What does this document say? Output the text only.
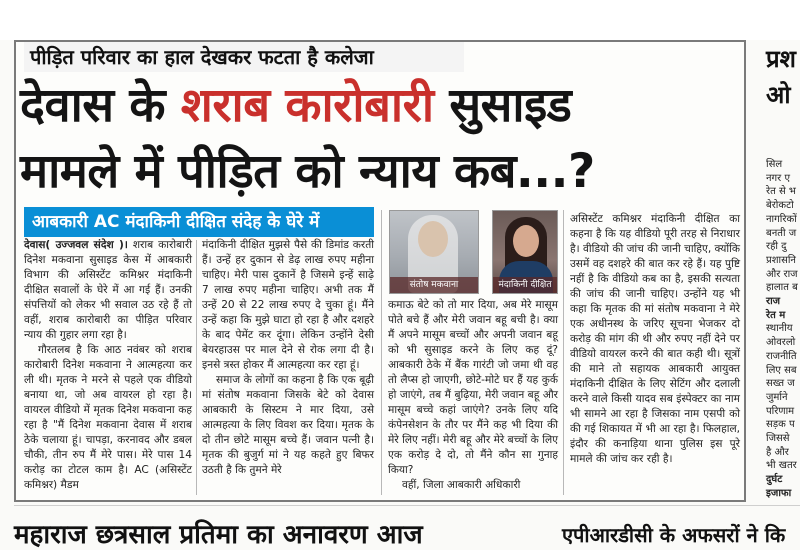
पीड़ित परिवार का हाल देखकर फटता है कलेजा
देवास के शराब कारोबारी सुसाइड
मामले में पीड़ित को न्याय कब...?
आबकारी AC मंदाकिनी दीक्षित संदेह के घेरे में

देवास( उज्जवल संदेश )। शराब कारोबारी दिनेश मकवाना सुसाइड केस में आबकारी विभाग की असिस्टेंट कमिश्नर मंदाकिनी दीक्षित सवालों के घेरे में आ गई हैं। उनकी संपत्तियों को लेकर भी सवाल उठ रहे हैं तो वहीं, शराब कारोबारी का पीड़ित परिवार न्याय की गुहार लगा रहा है।

गौरतलब है कि आठ नवंबर को शराब कारोबारी दिनेश मकवाना ने आत्महत्या कर ली थी। मृतक ने मरने से पहले एक वीडियो बनाया था, जो अब वायरल हो रहा है। वायरल वीडियो में मृतक दिनेश मकवाना कह रहा है "मैं दिनेश मकवाना देवास में शराब ठेके चलाया हूं। चापड़ा, करनावद और डबल चौकी, तीन रुप मैं मेरे पास। मेरे पास 14 करोड़ का टोटल काम है। AC (असिस्टेंट कमिश्नर) मैडम

मंदाकिनी दीक्षित मुझसे पैसे की डिमांड करती हैं। उन्हें हर दुकान से डेढ़ लाख रुपए महीना चाहिए। मेरी पास दुकानें है जिसमे इन्हें साढ़े 7 लाख रुपए महीना चाहिए। अभी तक मैं उन्हें 20 से 22 लाख रुपए दे चुका हूं। मैंने उन्हें कहा कि मुझे घाटा हो रहा है और दशहरे के बाद पेमेंट कर दूंगा। लेकिन उन्होंने देसी बेयरहाउस पर माल देने से रोक लगा दी है। इनसे त्रस्त होकर मैं आत्महत्या कर रहा हूं।

समाज के लोगों का कहना है कि एक बूढ़ी मां संतोष मकवाना जिसके बेटे को देवास आबकारी के सिस्टम ने मार दिया, उसे आत्महत्या के लिए विवश कर दिया। मृतक के दो तीन छोटे मासूम बच्चे हैं। जवान पत्नी है। मृतक की बुजुर्ग मां ने यह कहते हुए बिफर उठती है कि तुमने मेरे

संतोष मकवाना	मंदाकिनी दीक्षित

कमाऊ बेटे को तो मार दिया, अब मेरे मासूम पोते बचे हैं और मेरी जवान बहू बची है। क्या मैं अपने मासूम बच्चों और अपनी जवान बहू को भी सुसाइड करने के लिए कह दूं? आबकारी ठेके में बैंक गारंटी जो जमा थी वह तो लैप्स हो जाएगी, छोटे-मोटे घर हैं यह कुर्क हो जाएंगे, तब मैं बुढ़िया, मेरी जवान बहू और मासूम बच्चे कहां जाएंगे? उनके लिए यदि कंपेनसेशन के तौर पर मैंने कह भी दिया की मेरे लिए नहीं। मेरी बहू और मेरे बच्चों के लिए एक करोड़ दे दो, तो मैंने कौन सा गुनाह किया?

वहीं, जिला आबकारी अधिकारी

असिस्टेंट कमिश्नर मंदाकिनी दीक्षित का कहना है कि यह वीडियो पूरी तरह से निराधार है। वीडियो की जांच की जानी चाहिए, क्योंकि उसमें वह दशहरे की बात कर रहे हैं। यह पुष्टि नहीं है कि वीडियो कब का है, इसकी सत्यता की जांच की जानी चाहिए। उन्होंने यह भी कहा कि मृतक की मां संतोष मकवाना ने मेरे एक अधीनस्थ के जरिए सूचना भेजकर दो करोड़ की मांग की थी और रुपए नहीं देने पर वीडियो वायरल करने की बात कही थी। सूत्रों की माने तो सहायक आबकारी आयुक्त मंदाकिनी दीक्षित के लिए सेटिंग और दलाली करने वाले किसी यादव सब इंस्पेक्टर का नाम भी सामने आ रहा है जिसका नाम एसपी को की गई शिकायत में भी आ रहा है। फिलहाल, इंदौर की कनाड़िया थाना पुलिस इस पूरे मामले की जांच कर रही है।

प्रश
ओ
सिल
नगर ए
रेत से भ
बेरोकटो
नागरिकों
बनती ज
रही दु
प्रशासनि
और राज
हालात ब
राज
रेत म
स्थानीय
ओवरलो
राजनीति
लिए सब
सख्त ज
जुर्माने
परिणाम
सड़क प
जिससे
है और
भी खतर
दुर्घट
इजाफा
महाराज छत्रसाल प्रतिमा का अनावरण आज	एपीआरडीसी के अफसरों ने कि
